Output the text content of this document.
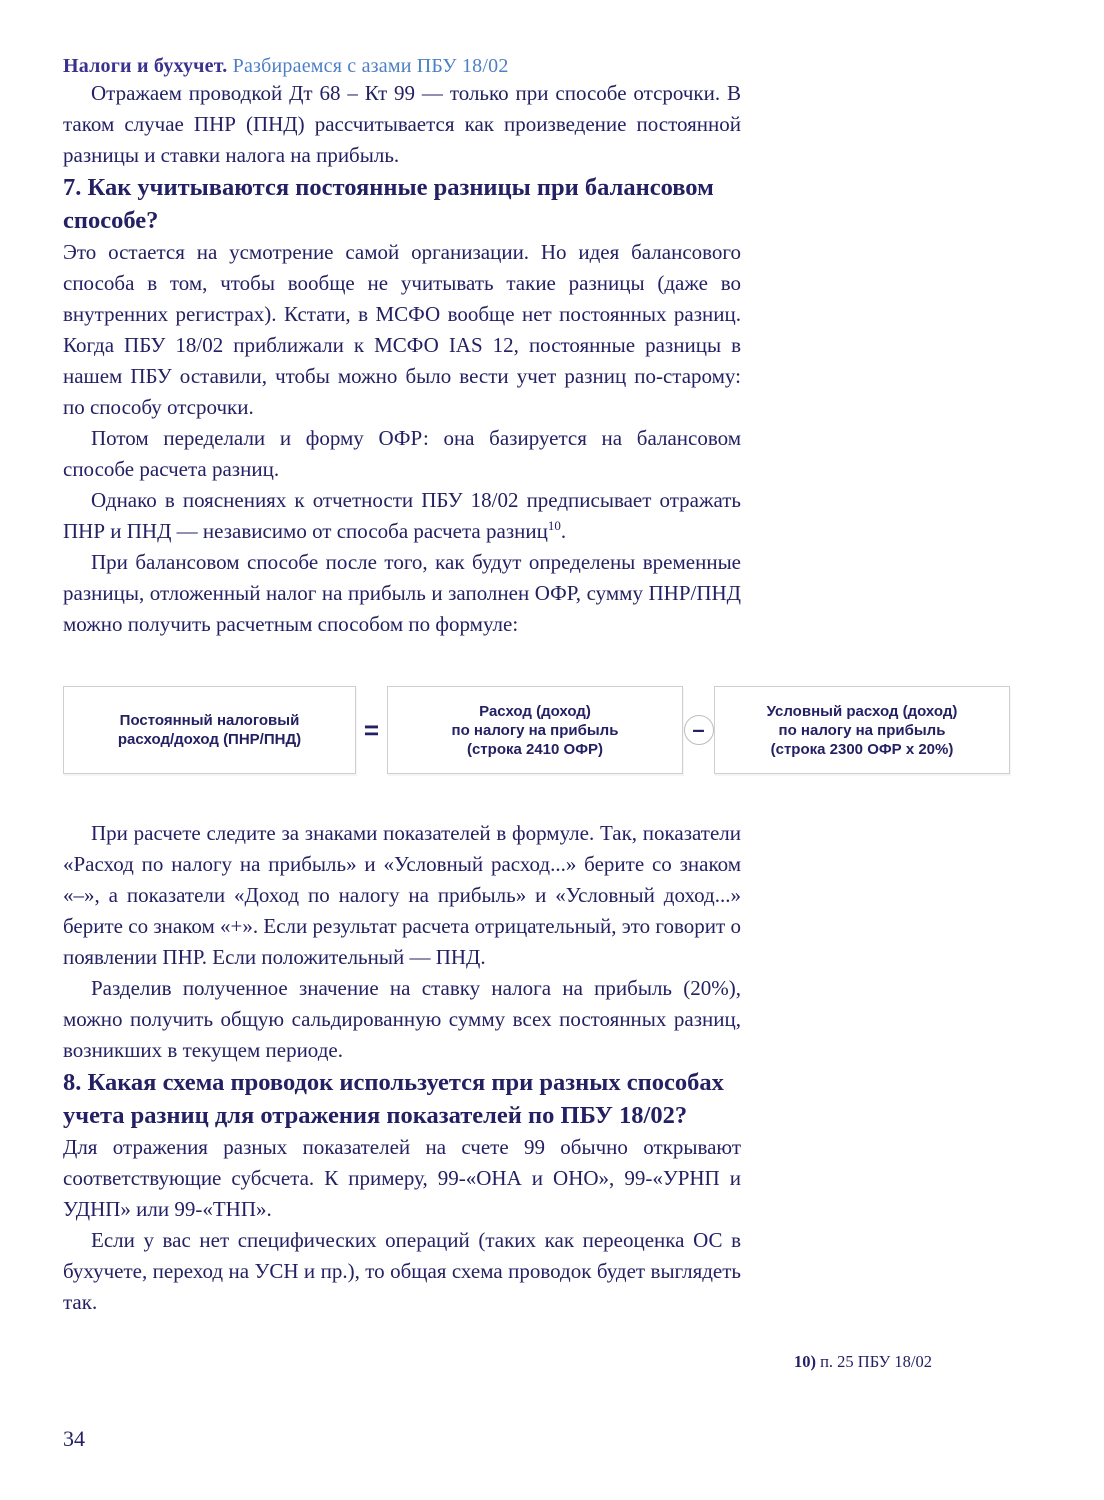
Налоги и бухучет. Разбираемся с азами ПБУ 18/02

Отражаем проводкой Дт 68 – Кт 99 — только при способе отсрочки. В таком случае ПНР (ПНД) рассчитывается как произведение постоянной разницы и ставки налога на прибыль.

7. Как учитываются постоянные разницы при балансовом способе?

Это остается на усмотрение самой организации. Но идея балансового способа в том, чтобы вообще не учитывать такие разницы (даже во внутренних регистрах). Кстати, в МСФО вообще нет постоянных разниц. Когда ПБУ 18/02 приближали к МСФО IAS 12, постоянные разницы в нашем ПБУ оставили, чтобы можно было вести учет разниц по-старому: по способу отсрочки.

Потом переделали и форму ОФР: она базируется на балансовом способе расчета разниц.

Однако в пояснениях к отчетности ПБУ 18/02 предписывает отражать ПНР и ПНД — независимо от способа расчета разниц$^{10}$.

При балансовом способе после того, как будут определены временные разницы, отложенный налог на прибыль и заполнен ОФР, сумму ПНР/ПНД можно получить расчетным способом по формуле:

Постоянный налоговый
расход/доход (ПНР/ПНД) =
Расход (доход)
по налогу на прибыль
(строка 2410 ОФР)
–
Условный расход (доход)
по налогу на прибыль
(строка 2300 ОФР х 20%)

При расчете следите за знаками показателей в формуле. Так, показатели «Расход по налогу на прибыль» и «Условный расход...» берите со знаком «–», а показатели «Доход по налогу на прибыль» и «Условный доход...» берите со знаком «+». Если результат расчета отрицательный, это говорит о появлении ПНР. Если положительный — ПНД.

Разделив полученное значение на ставку налога на прибыль (20%), можно получить общую сальдированную сумму всех постоянных разниц, возникших в текущем периоде.

8. Какая схема проводок используется при разных способах учета разниц для отражения показателей по ПБУ 18/02?

Для отражения разных показателей на счете 99 обычно открывают соответствующие субсчета. К примеру, 99-«ОНА и ОНО», 99-«УРНП и УДНП» или 99-«ТНП».

Если у вас нет специфических операций (таких как переоценка ОС в бухучете, переход на УСН и пр.), то общая схема проводок будет выглядеть так.

10) п. 25 ПБУ 18/02
34
